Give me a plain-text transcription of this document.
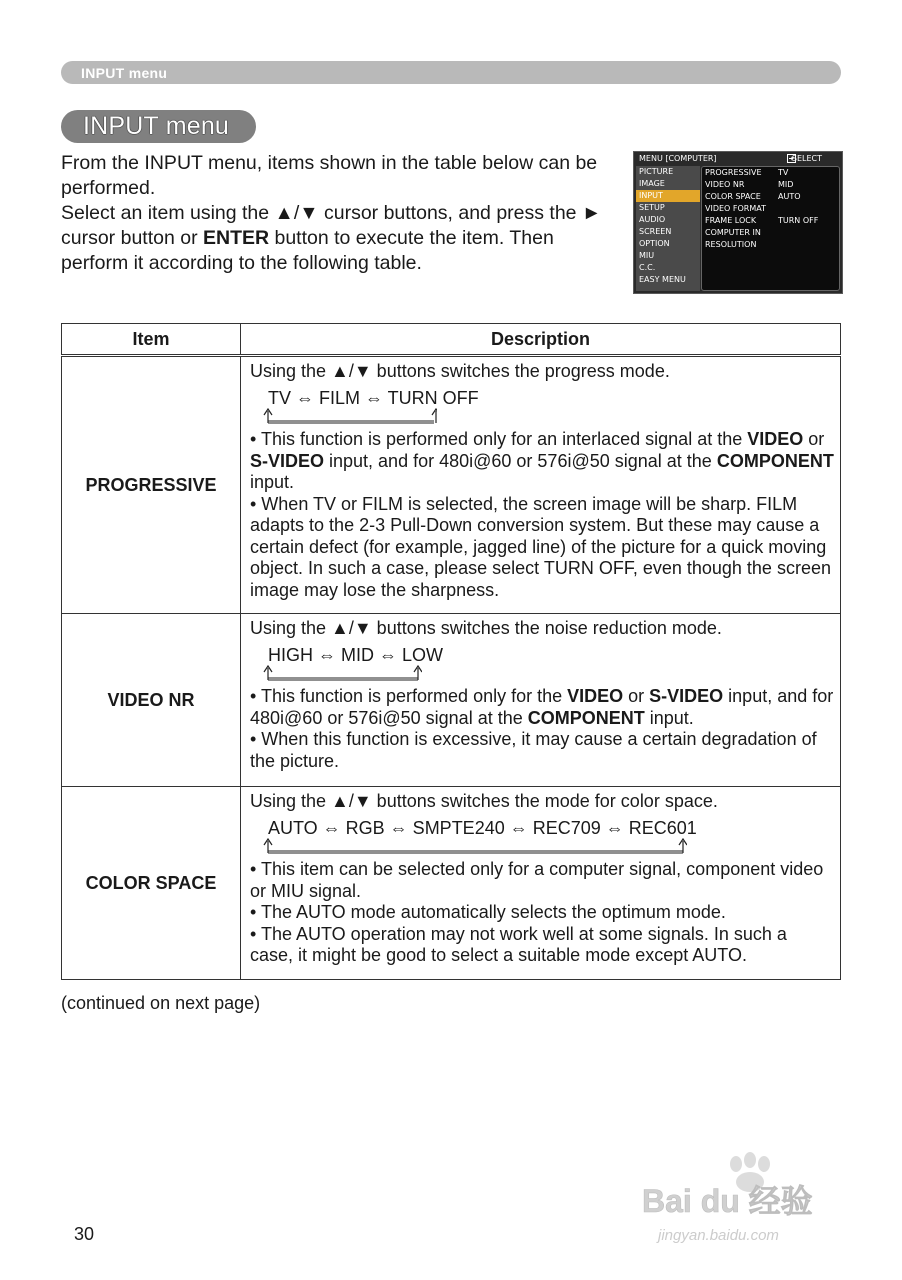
INPUT menu
INPUT menu

From the INPUT menu, items shown in the table below can be performed.

Select an item using the ▲/▼ cursor buttons, and press the ► cursor button or ENTER button to execute the item. Then perform it according to the following table.

MENU [COMPUTER]	SELECT
PICTURE
IMAGE
INPUT
SETUP
AUDIO
SCREEN
OPTION
MIU
C.C.
EASY MENU
PROGRESSIVE TV
VIDEO NR	MID
COLOR SPACE AUTO
VIDEO FORMAT
FRAME LOCK	TURN OFF
COMPUTER IN
RESOLUTION
Item	Description
PROGRESSIVE	Using the ▲/▼ buttons switches the progress mode.
TV ⇔ FILM ⇔ TURN OFF

• This function is performed only for an interlaced signal at the VIDEO or S-VIDEO input, and for 480i@60 or 576i@50 signal at the COMPONENT input.

• When TV or FILM is selected, the screen image will be sharp. FILM adapts to the 2-3 Pull-Down conversion system. But these may cause a certain defect (for example, jagged line) of the picture for a quick moving object. In such a case, please select TURN OFF, even though the screen image may lose the sharpness.

VIDEO NR	Using the ▲/▼ buttons switches the noise reduction mode.
HIGH ⇔ MID ⇔ LOW

• This function is performed only for the VIDEO or S-VIDEO input, and for 480i@60 or 576i@50 signal at the COMPONENT input.

• When this function is excessive, it may cause a certain degradation of the picture.

COLOR SPACE	Using the ▲/▼ buttons switches the mode for color space.
AUTO ⇔ RGB ⇔ SMPTE240 ⇔ REC709 ⇔ REC601

• This item can be selected only for a computer signal, component video or MIU signal.

• The AUTO mode automatically selects the optimum mode.

• The AUTO operation may not work well at some signals. In such a case, it might be good to select a suitable mode except AUTO.

(continued on next page)
30
Bai du 经验
jingyan.baidu.com
